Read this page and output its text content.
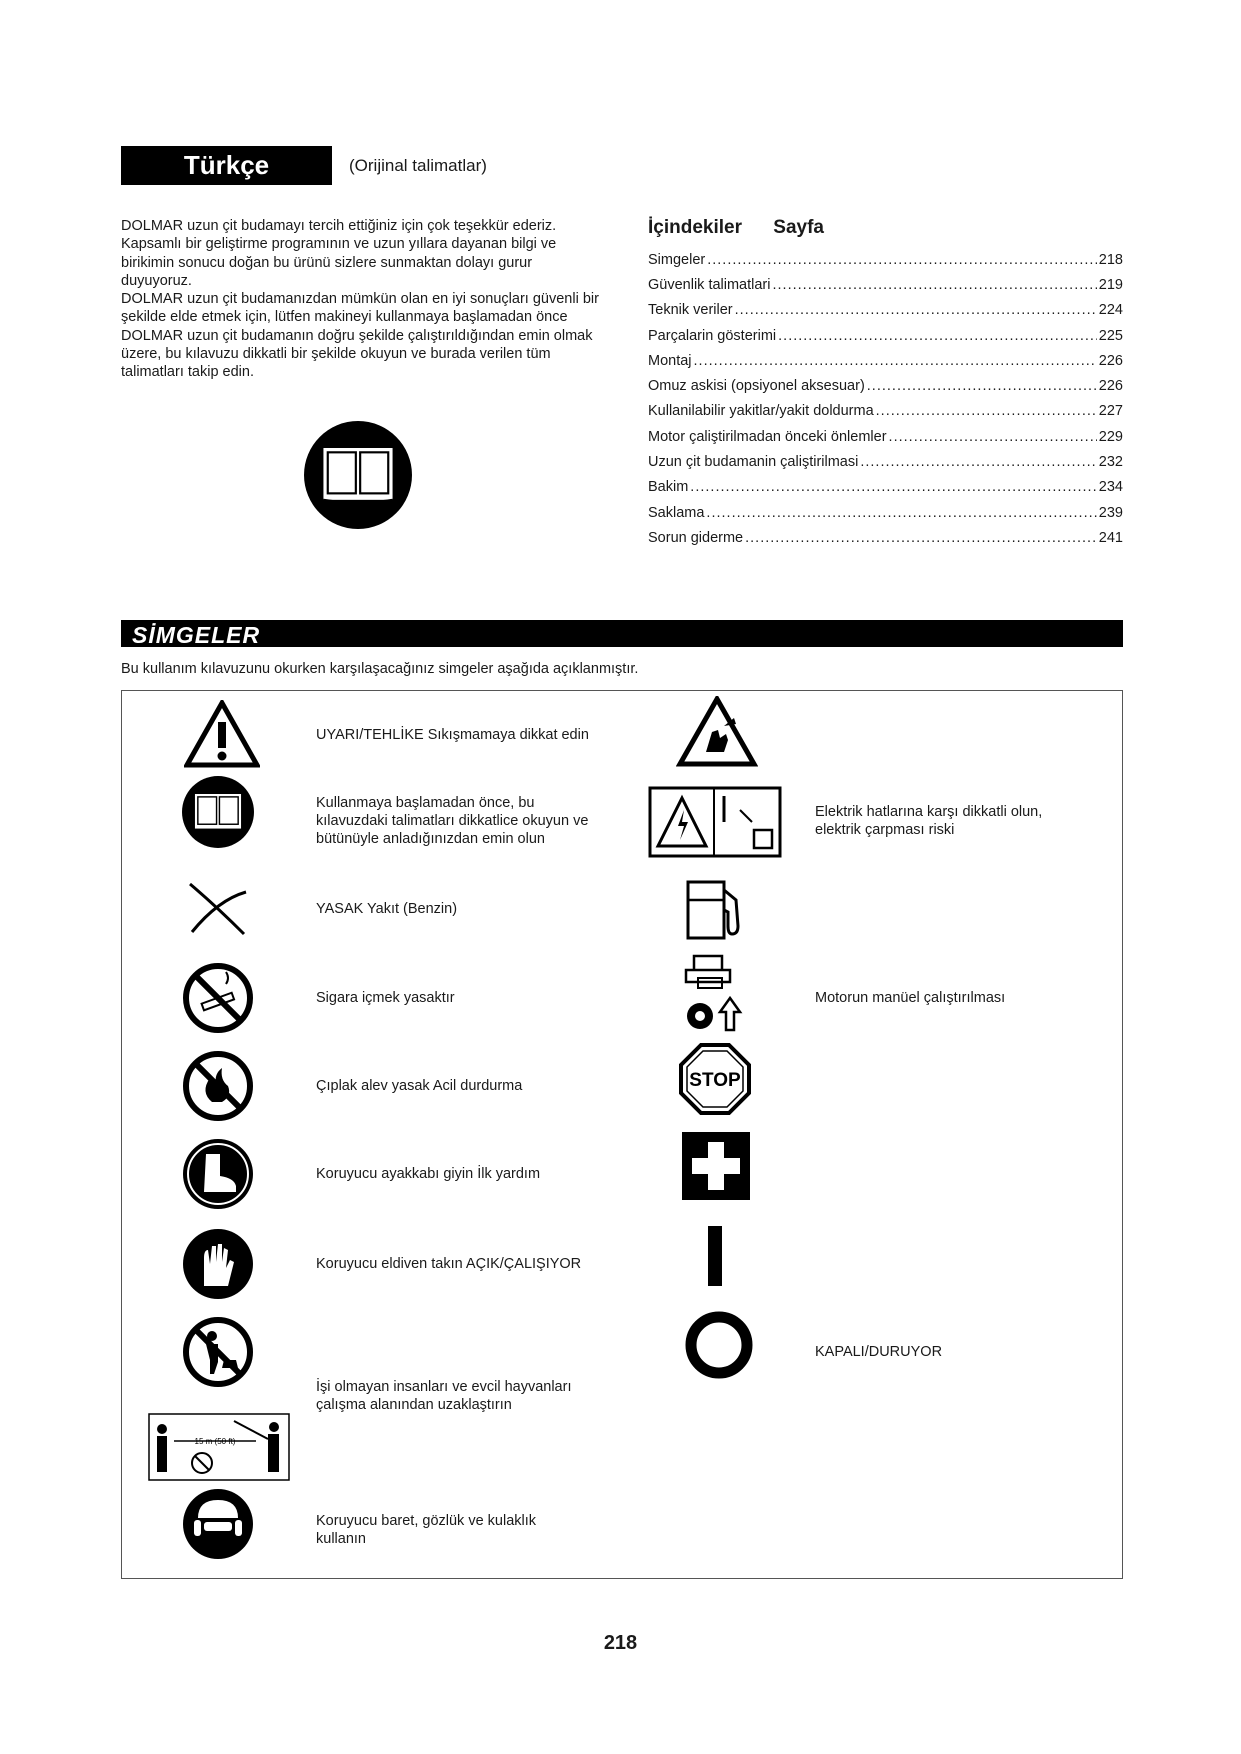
Türkçe	(Orijinal talimatlar)

DOLMAR uzun çit budamayı tercih ettiğiniz için çok teşekkür ederiz. Kapsamlı bir geliştirme programının ve uzun yıllara dayanan bilgi ve birikimin sonucu doğan bu ürünü sizlere sunmaktan dolayı gurur duyuyoruz.

DOLMAR uzun çit budamanızdan mümkün olan en iyi sonuçları güvenli bir şekilde elde etmek için, lütfen makineyi kullanmaya başlamadan önce DOLMAR uzun çit budamanın doğru şekilde çalıştırıldığından emin olmak üzere, bu kılavuzu dikkatli bir şekilde okuyun ve burada verilen tüm talimatları takip edin.

İçindekiler Sayfa
Simgeler .....	218
Güvenlik talimatlari .....	219
Teknik veriler .....	224
Parçalarin gösterimi .....	225
Montaj .....	226
Omuz askisi (opsiyonel aksesuar) .....	226
Kullanilabilir yakitlar/yakit doldurma .....	227
Motor çaliştirilmadan önceki önlemler .....	229
Uzun çit budamanin çaliştirilmasi .....	232
Bakim .....	234
Saklama .....	239
Sorun giderme .....	241
SİMGELER
Bu kullanım kılavuzunu okurken karşılaşacağınız simgeler aşağıda açıklanmıştır.
15 m (50 ft)
UYARI/TEHLİKE Sıkışmamaya dikkat edin
Kullanmaya başlamadan önce, bu kılavuzdaki talimatları dikkatlice okuyun ve bütünüyle anladığınızdan emin olun
YASAK Yakıt (Benzin)
Sigara içmek yasaktır
Çıplak alev yasak Acil durdurma
Koruyucu ayakkabı giyin İlk yardım
Koruyucu eldiven takın AÇIK/ÇALIŞIYOR
İşi olmayan insanları ve evcil hayvanları çalışma alanından uzaklaştırın
Koruyucu baret, gözlük ve kulaklık kullanın
STOP
Elektrik hatlarına karşı dikkatli olun, elektrik çarpması riski
Motorun manüel çalıştırılması
KAPALI/DURUYOR
218
